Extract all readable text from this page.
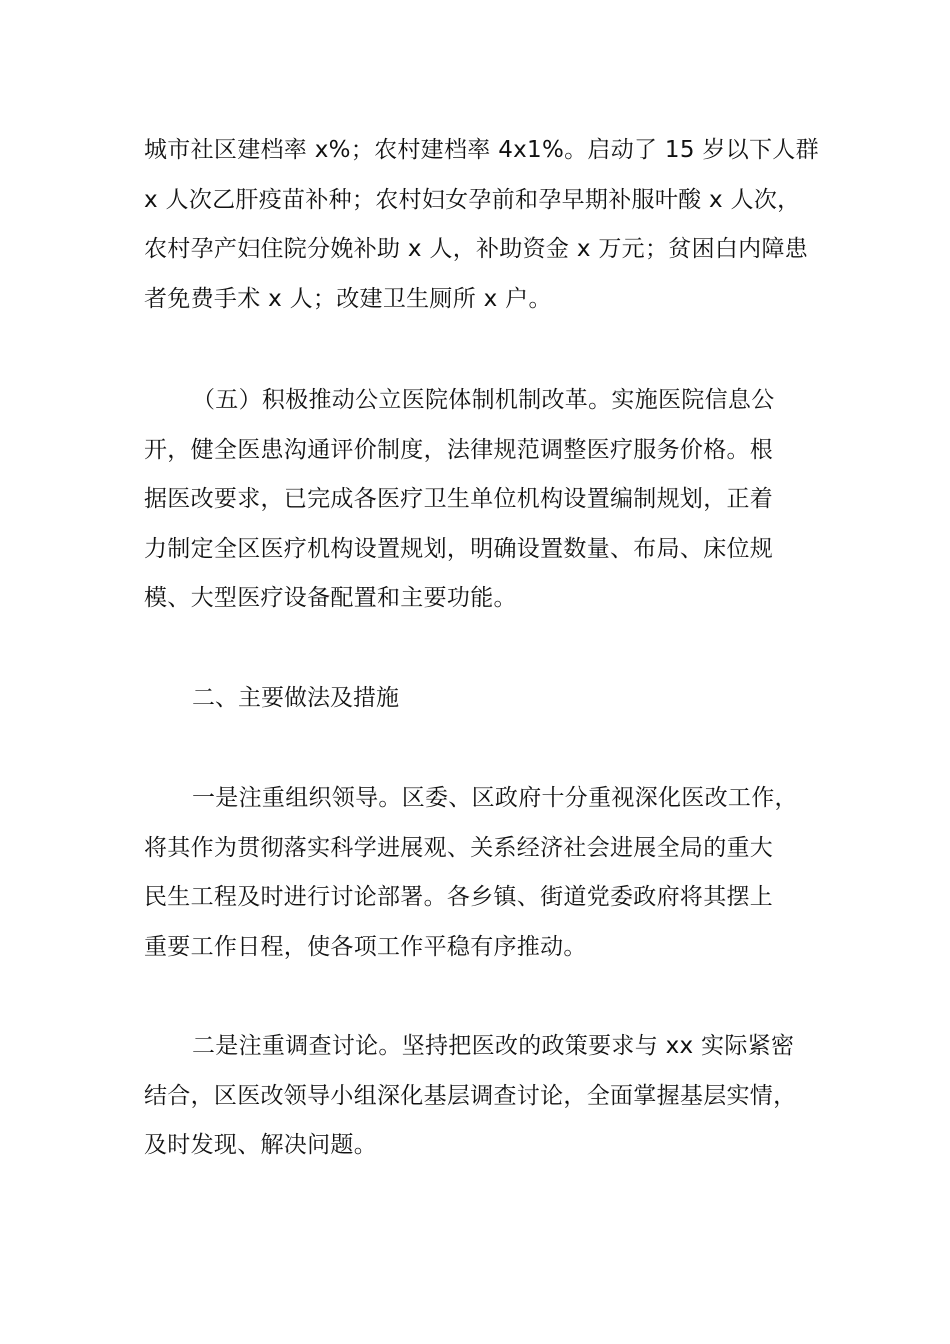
城市社区建档率 x%；农村建档率 4x1%。启动了 15 岁以下人群
x 人次乙肝疫苗补种；农村妇女孕前和孕早期补服叶酸 x 人次，
农村孕产妇住院分娩补助 x 人，补助资金 x 万元；贫困白内障患
者免费手术 x 人；改建卫生厕所 x 户。

（五）积极推动公立医院体制机制改革。实施医院信息公
开，健全医患沟通评价制度，法律规范调整医疗服务价格。根
据医改要求，已完成各医疗卫生单位机构设置编制规划，正着
力制定全区医疗机构设置规划，明确设置数量、布局、床位规
模、大型医疗设备配置和主要功能。

二、主要做法及措施

一是注重组织领导。区委、区政府十分重视深化医改工作，
将其作为贯彻落实科学进展观、关系经济社会进展全局的重大
民生工程及时进行讨论部署。各乡镇、街道党委政府将其摆上
重要工作日程，使各项工作平稳有序推动。

二是注重调查讨论。坚持把医改的政策要求与 xx 实际紧密
结合，区医改领导小组深化基层调查讨论，全面掌握基层实情，
及时发现、解决问题。
